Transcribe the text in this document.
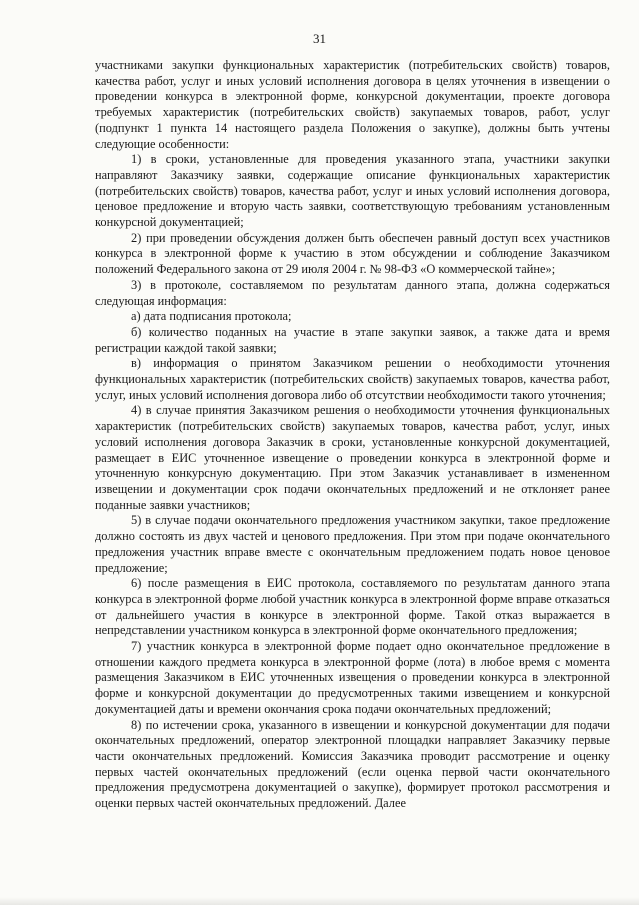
31

участниками закупки функциональных характеристик (потребительских свойств) товаров, качества работ, услуг и иных условий исполнения договора в целях уточнения в извещении о проведении конкурса в электронной форме, конкурсной документации, проекте договора требуемых характеристик (потребительских свойств) закупаемых товаров, работ, услуг (подпункт 1 пункта 14 настоящего раздела Положения о закупке), должны быть учтены следующие особенности:

1) в сроки, установленные для проведения указанного этапа, участники закупки направляют Заказчику заявки, содержащие описание функциональных характеристик (потребительских свойств) товаров, качества работ, услуг и иных условий исполнения договора, ценовое предложение и вторую часть заявки, соответствующую требованиям установленным конкурсной документацией;

2) при проведении обсуждения должен быть обеспечен равный доступ всех участников конкурса в электронной форме к участию в этом обсуждении и соблюдение Заказчиком положений Федерального закона от 29 июля 2004 г. № 98-ФЗ «О коммерческой тайне»;

3) в протоколе, составляемом по результатам данного этапа, должна содержаться следующая информация:

а) дата подписания протокола;

б) количество поданных на участие в этапе закупки заявок, а также дата и время регистрации каждой такой заявки;

в) информация о принятом Заказчиком решении о необходимости уточнения функциональных характеристик (потребительских свойств) закупаемых товаров, качества работ, услуг, иных условий исполнения договора либо об отсутствии необходимости такого уточнения;

4) в случае принятия Заказчиком решения о необходимости уточнения функциональных характеристик (потребительских свойств) закупаемых товаров, качества работ, услуг, иных условий исполнения договора Заказчик в сроки, установленные конкурсной документацией, размещает в ЕИС уточненное извещение о проведении конкурса в электронной форме и уточненную конкурсную документацию. При этом Заказчик устанавливает в измененном извещении и документации срок подачи окончательных предложений и не отклоняет ранее поданные заявки участников;

5) в случае подачи окончательного предложения участником закупки, такое предложение должно состоять из двух частей и ценового предложения. При этом при подаче окончательного предложения участник вправе вместе с окончательным предложением подать новое ценовое предложение;

6) после размещения в ЕИС протокола, составляемого по результатам данного этапа конкурса в электронной форме любой участник конкурса в электронной форме вправе отказаться от дальнейшего участия в конкурсе в электронной форме. Такой отказ выражается в непредставлении участником конкурса в электронной форме окончательного предложения;

7) участник конкурса в электронной форме подает одно окончательное предложение в отношении каждого предмета конкурса в электронной форме (лота) в любое время с момента размещения Заказчиком в ЕИС уточненных извещения о проведении конкурса в электронной форме и конкурсной документации до предусмотренных такими извещением и конкурсной документацией даты и времени окончания срока подачи окончательных предложений;

8) по истечении срока, указанного в извещении и конкурсной документации для подачи окончательных предложений, оператор электронной площадки направляет Заказчику первые части окончательных предложений. Комиссия Заказчика проводит рассмотрение и оценку первых частей окончательных предложений (если оценка первой части окончательного предложения предусмотрена документацией о закупке), формирует протокол рассмотрения и оценки первых частей окончательных предложений. Далее
